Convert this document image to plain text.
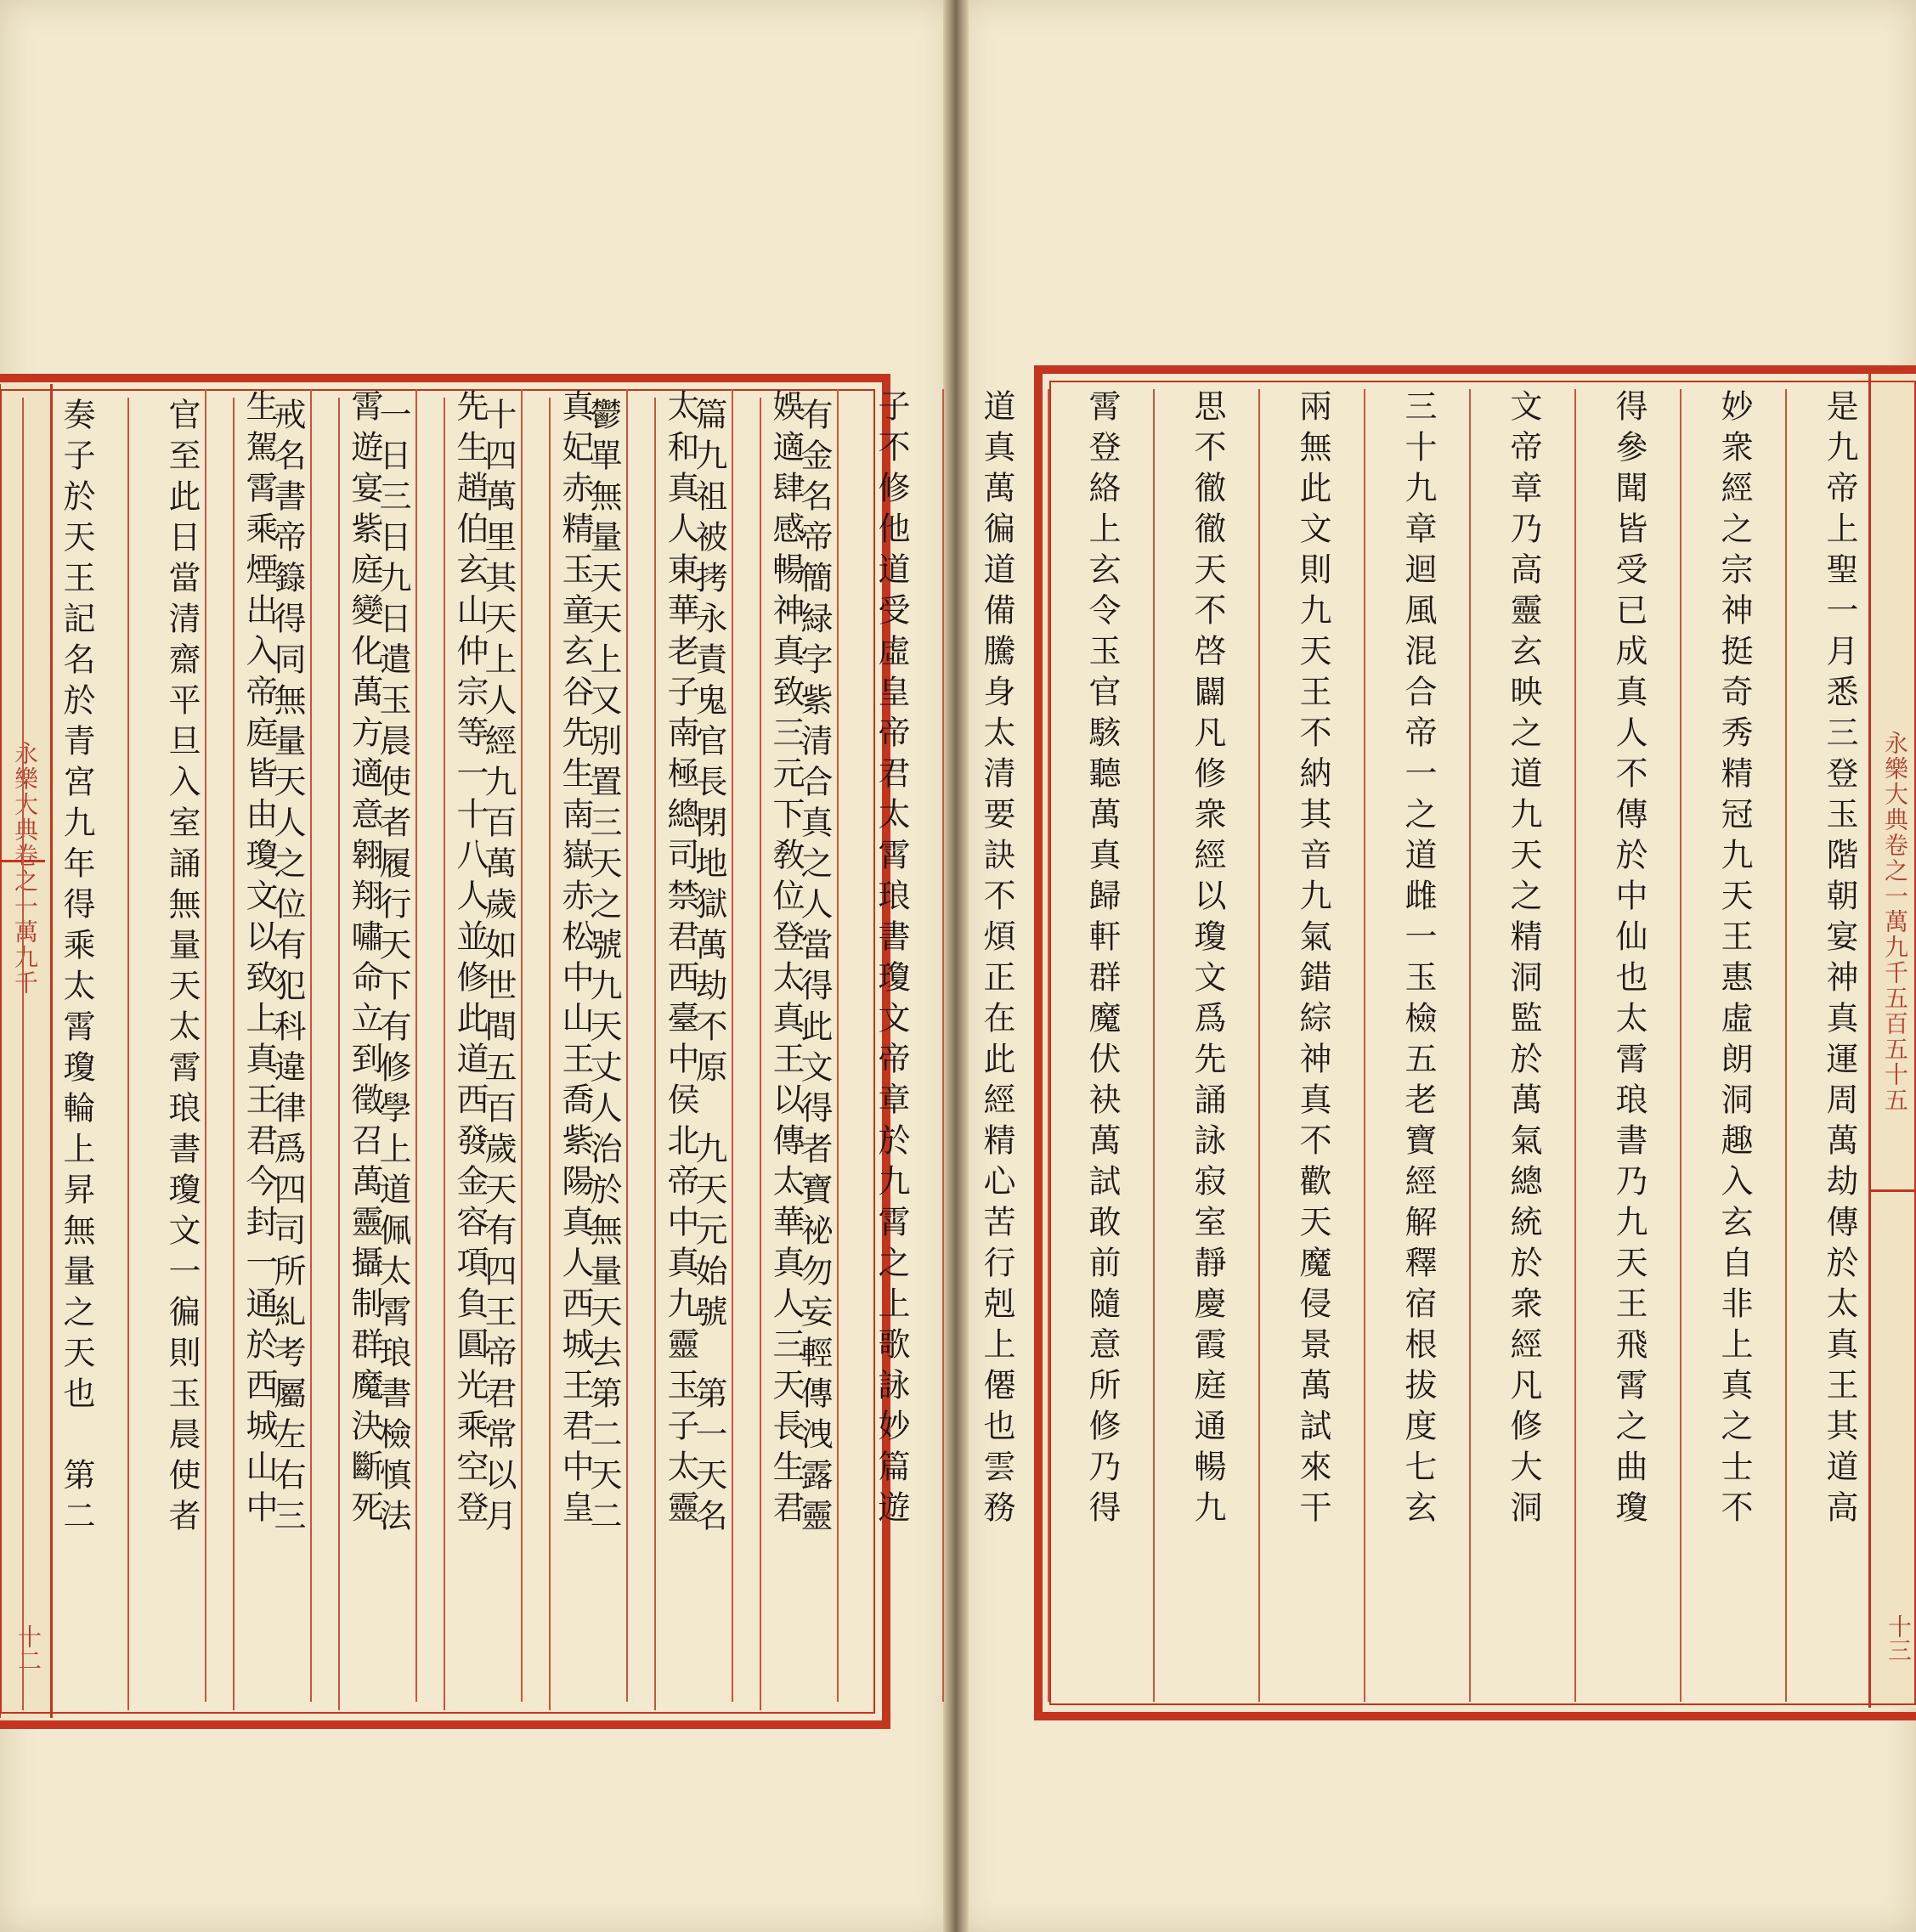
永樂大典卷之一萬九千
十二
永樂大典卷之一萬九千五百五十五
十三
有金名帝簡緑字紫清合真之人當得此文得者寶祕勿妄輕傳洩露靈
篇九祖被拷永責鬼官長閉地獄萬劫不原　九天元始號　第一天名
鬱單無量天天上又別置三天之號九天丈人治於無量天去第二天二
十四萬里其天上人經九百萬歲如世間五百歲天有四王帝君常以月
一日三日九日遣玉晨使者履行天下有修學上道佩太霄琅書檢慎法
戒名書帝籙得同無量天人之位有犯科違律爲四司所糺考屬左右三
官至此日當清齋平旦入室誦無量天太霄琅書瓊文一徧則玉晨使者
奏子於天王記名於青宮九年得乘太霄瓊輪上昇無量之天也　第二	是九帝上聖一月悉三登玉階朝宴神真運周萬劫傳於太真王其道高
妙衆經之宗神挺奇秀精冠九天王惠虛朗洞趣入玄自非上真之士不
得參聞皆受已成真人不傳於中仙也太霄琅書乃九天王飛霄之曲瓊
文帝章乃高靈玄映之道九天之精洞監於萬氣總統於衆經凡修大洞
三十九章迴風混合帝一之道雌一玉檢五老寶經解釋宿根拔度七玄
兩無此文則九天王不納其音九氣錯綜神真不歡天魔侵景萬試來干
思不徹徹天不啓闢凡修衆經以瓊文爲先誦詠寂室靜慶霞庭通暢九
霄登絡上玄令玉官駭聽萬真歸軒群魔伏袂萬試敢前隨意所修乃得
道真萬徧道備騰身太清要訣不煩正在此經精心苦行剋上僊也雲務
子不修他道受虛皇帝君太霄琅書瓊文帝章於九霄之上歌詠妙篇遊
娛適肆感暢神真致三元下敎位登太真王以傳太華真人三天長生君
太和真人東華老子南極總司禁君西臺中侯北帝中真九靈玉子太靈
真妃赤精玉童玄谷先生南嶽赤松中山王喬紫陽真人西城王君中皇
先生趙伯玄山仲宗等一十八人並修此道西發金容項負圓光乘空登
霄遊宴紫庭變化萬方適意翱翔嘯命立到徵召萬靈攝制群魔決斷死
生駕霄乘煙出入帝庭皆由瓊文以致上真王君今封一通於西城山中
